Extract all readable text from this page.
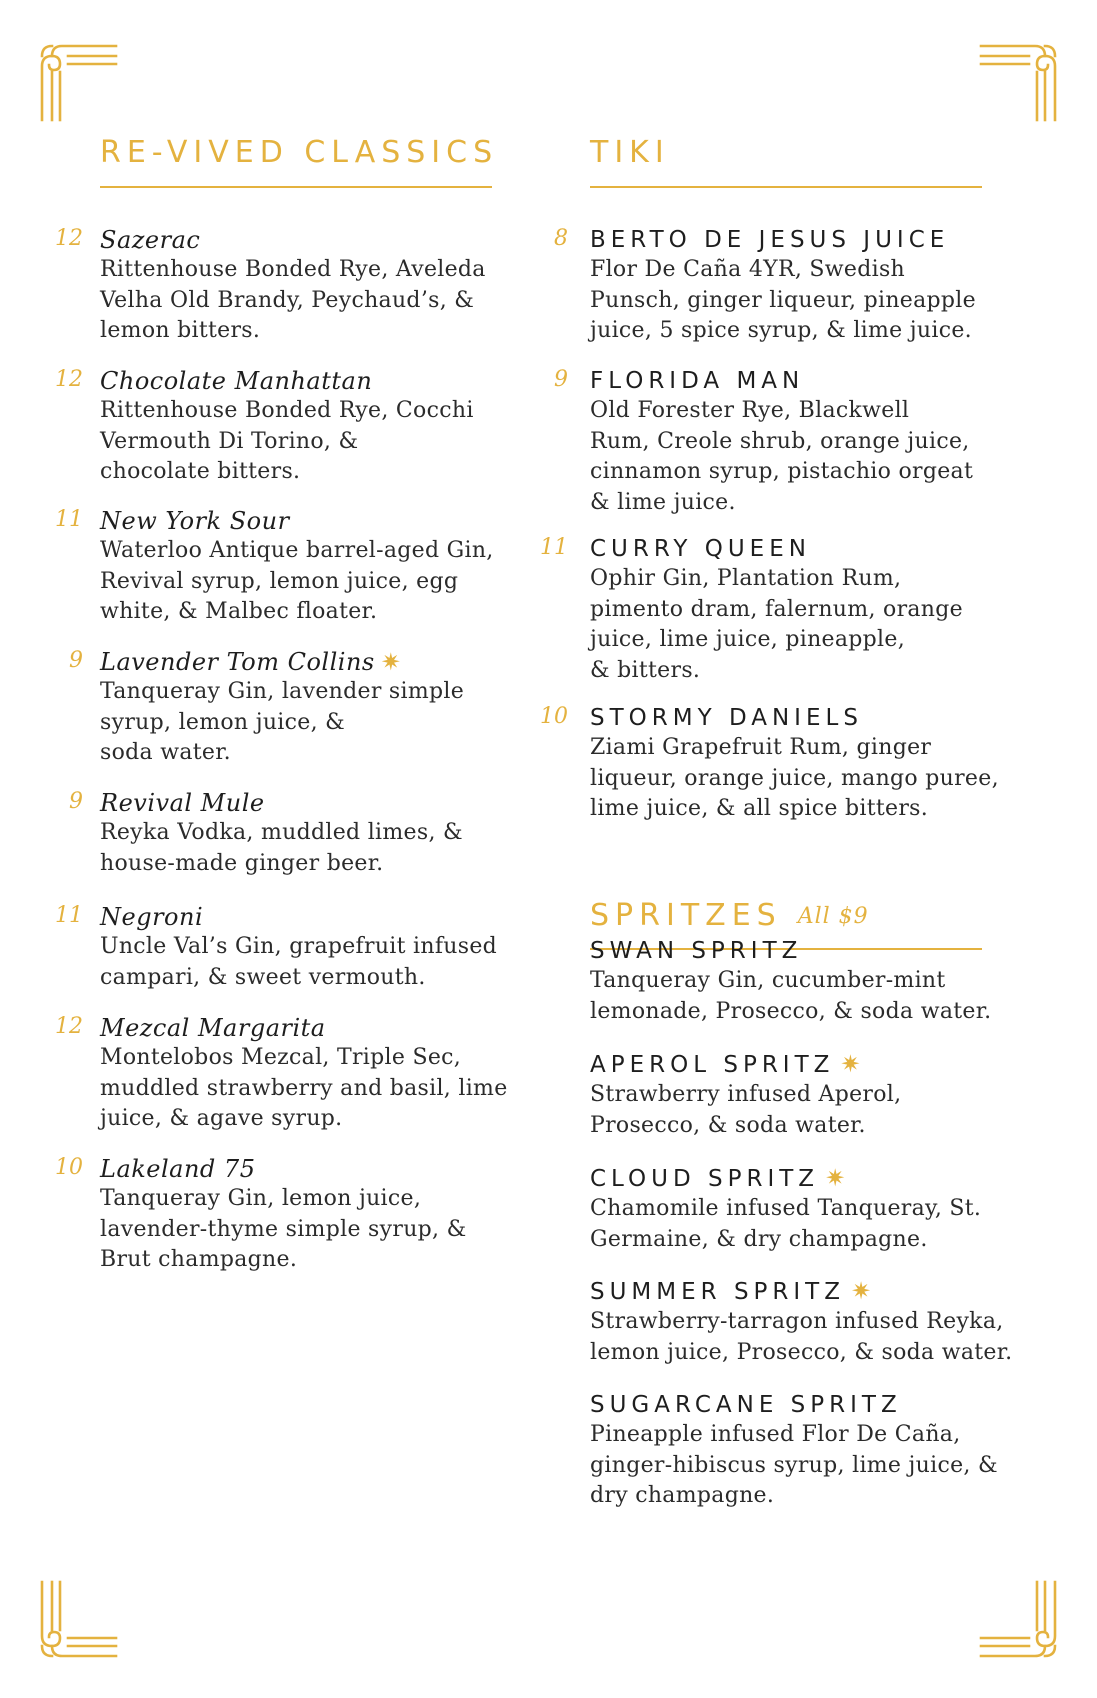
RE-VIVED CLASSICS	TIKI
SPRITZES All $9
12 Sazerac
Rittenhouse Bonded Rye, Aveleda
Velha Old Brandy, Peychaud’s, &
lemon bitters.
12 Chocolate Manhattan
Rittenhouse Bonded Rye, Cocchi
Vermouth Di Torino, &
chocolate bitters.
11 New York Sour
Waterloo Antique barrel-aged Gin,
Revival syrup, lemon juice, egg
white, & Malbec floater.
9 Lavender Tom Collins ✷
Tanqueray Gin, lavender simple
syrup, lemon juice, &
soda water.
9 Revival Mule
Reyka Vodka, muddled limes, &
house-made ginger beer.
11 Negroni
Uncle Val’s Gin, grapefruit infused
campari, & sweet vermouth.
12 Mezcal Margarita
Montelobos Mezcal, Triple Sec,
muddled strawberry and basil, lime
juice, & agave syrup.
10 Lakeland 75
Tanqueray Gin, lemon juice,
lavender-thyme simple syrup, &
Brut champagne.
8 BERTO DE JESUS JUICE
Flor De Caña 4YR, Swedish
Punsch, ginger liqueur, pineapple
juice, 5 spice syrup, & lime juice.
9 FLORIDA MAN
Old Forester Rye, Blackwell
Rum, Creole shrub, orange juice,
cinnamon syrup, pistachio orgeat
& lime juice.
11 CURRY QUEEN
Ophir Gin, Plantation Rum,
pimento dram, falernum, orange
juice, lime juice, pineapple,
& bitters.
10 STORMY DANIELS
Ziami Grapefruit Rum, ginger
liqueur, orange juice, mango puree,
lime juice, & all spice bitters.
SWAN SPRITZ
Tanqueray Gin, cucumber-mint
lemonade, Prosecco, & soda water.
APEROL SPRITZ ✷
Strawberry infused Aperol,
Prosecco, & soda water.
CLOUD SPRITZ ✷
Chamomile infused Tanqueray, St.
Germaine, & dry champagne.
SUMMER SPRITZ ✷
Strawberry-tarragon infused Reyka,
lemon juice, Prosecco, & soda water.
SUGARCANE SPRITZ
Pineapple infused Flor De Caña,
ginger-hibiscus syrup, lime juice, &
dry champagne.
